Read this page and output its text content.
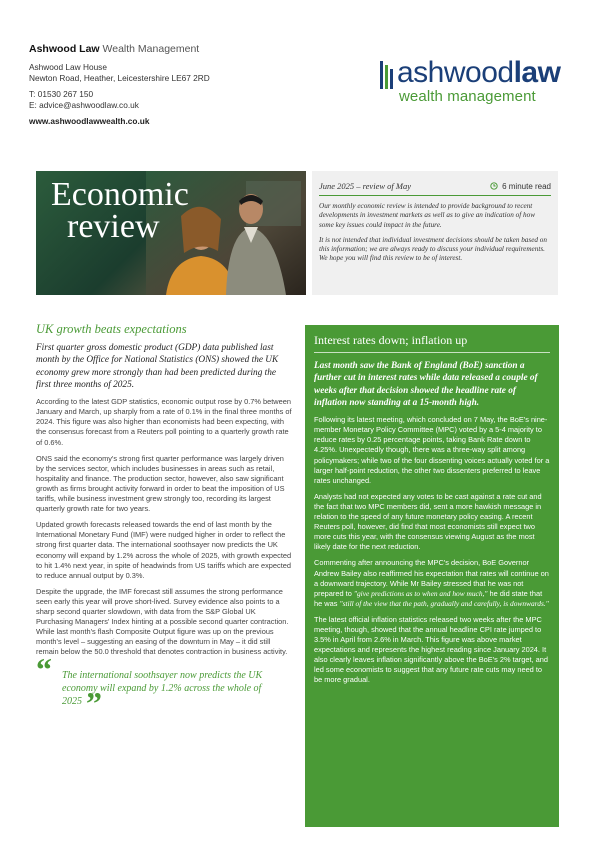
Ashwood Law Wealth Management
Ashwood Law House
Newton Road, Heather, Leicestershire LE67 2RD
T: 01530 267 150
E: advice@ashwoodlaw.co.uk
www.ashwoodlawwealth.co.uk
ashwoodlaw
wealth management
Economic
review
June 2025 – review of May	6 minute read

Our monthly economic review is intended to provide background to recent developments in investment markets as well as to give an indication of how some key issues could impact in the future.

It is not intended that individual investment decisions should be taken based on this information; we are always ready to discuss your individual requirements. We hope you will find this review to be of interest.

UK growth beats expectations
First quarter gross domestic product (GDP) data published last month by the Office for National Statistics (ONS) showed the UK economy grew more strongly than had been predicted during the first three months of 2025.

According to the latest GDP statistics, economic output rose by 0.7% between January and March, up sharply from a rate of 0.1% in the final three months of 2024. This figure was also higher than economists had been expecting, with the consensus forecast from a Reuters poll pointing to a quarterly growth rate of 0.6%.

ONS said the economy's strong first quarter performance was largely driven by the services sector, which includes businesses in areas such as retail, hospitality and finance. The production sector, however, also saw significant growth as firms brought activity forward in order to beat the imposition of US tariffs, while business investment grew strongly too, recording its largest quarterly growth rate for two years.

Updated growth forecasts released towards the end of last month by the International Monetary Fund (IMF) were nudged higher in order to reflect the strong first quarter data. The international soothsayer now predicts the UK economy will expand by 1.2% across the whole of 2025, with growth expected to hit 1.4% next year, in spite of headwinds from US tariffs which are expected to reduce annual output by 0.3%.

Despite the upgrade, the IMF forecast still assumes the strong performance seen early this year will prove short-lived. Survey evidence also points to a sharp second quarter slowdown, with data from the S&P Global UK Purchasing Managers' Index hinting at a possible second quarter contraction. While last month's flash Composite Output figure was up on the previous month's level – suggesting an easing of the downturn in May – it did still remain below the 50.0 threshold that denotes contraction in business activity.

“ The international soothsayer now predicts the UK economy will expand by 1.2% across the whole of 2025 ”
Interest rates down; inflation up
Last month saw the Bank of England (BoE) sanction a further cut in interest rates while data released a couple of weeks after that decision showed the headline rate of inflation now standing at a 15-month high.

Following its latest meeting, which concluded on 7 May, the BoE's nine-member Monetary Policy Committee (MPC) voted by a 5-4 majority to reduce rates by 0.25 percentage points, taking Bank Rate down to 4.25%. Unexpectedly though, there was a three-way split among policymakers; while two of the four dissenting voices actually voted for a larger half-point reduction, the other two dissenters preferred to leave rates unchanged.

Analysts had not expected any votes to be cast against a rate cut and the fact that two MPC members did, sent a more hawkish message in relation to the speed of any future monetary policy easing. A recent Reuters poll, however, did find that most economists still expect two more cuts this year, with the consensus viewing August as the most likely date for the next reduction.

Commenting after announcing the MPC's decision, BoE Governor Andrew Bailey also reaffirmed his expectation that rates will continue on a downward trajectory. While Mr Bailey stressed that he was not prepared to "give predictions as to when and how much," he did state that he was "still of the view that the path, gradually and carefully, is downwards."

The latest official inflation statistics released two weeks after the MPC meeting, though, showed that the annual headline CPI rate jumped to 3.5% in April from 2.6% in March. This figure was above market expectations and represents the highest reading since January 2024. It also clearly leaves inflation significantly above the BoE's 2% target, and led some economists to suggest that any future rate cuts may need to be more gradual.
